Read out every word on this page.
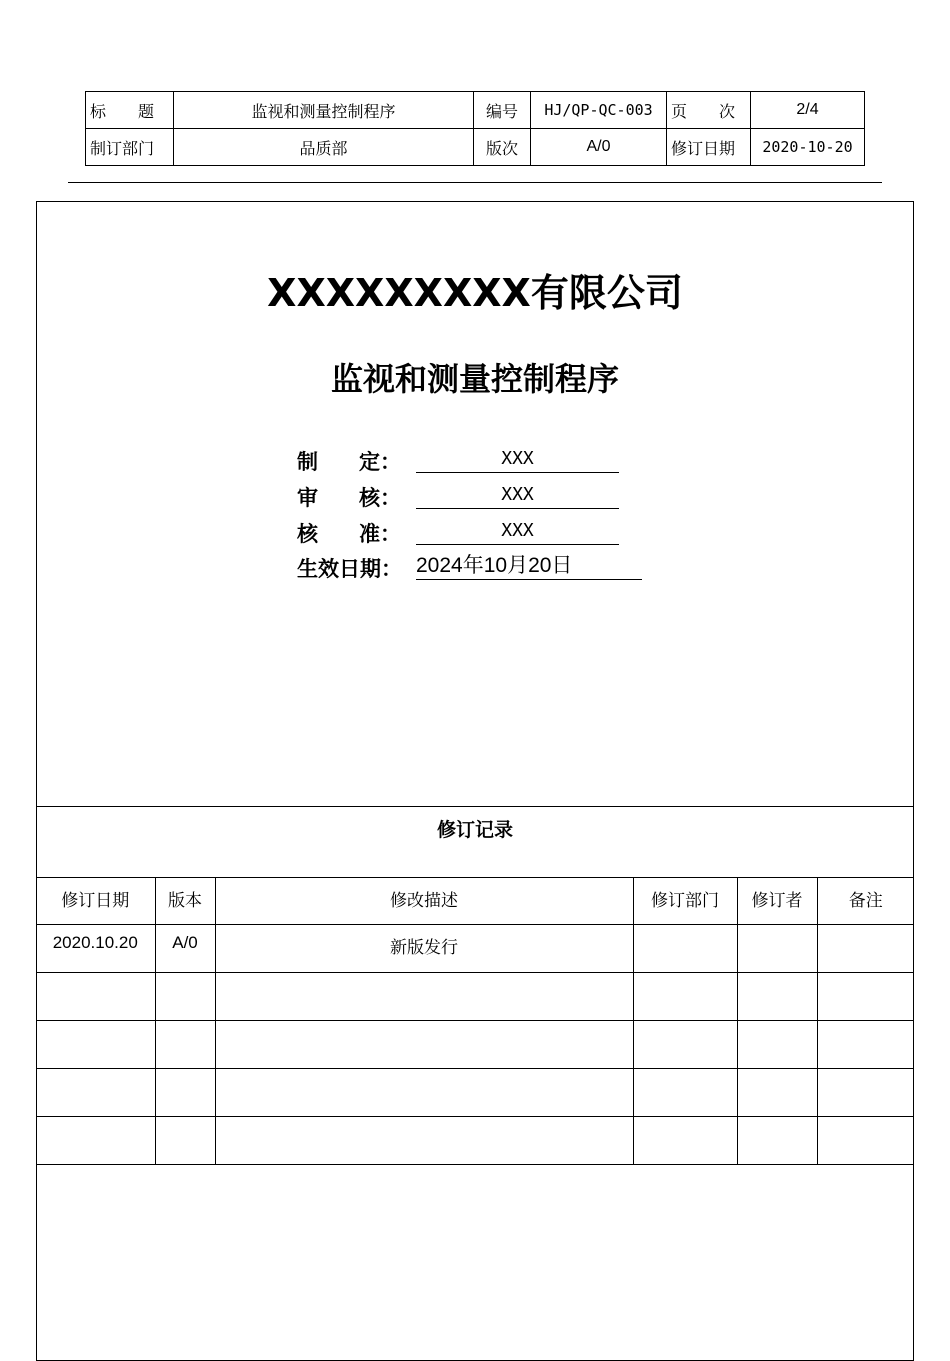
标　　题	监视和测量控制程序	编号	HJ/QP-QC-003	页　　次	2/4
制订部门	品质部	版次	A/0	修订日期	2020-10-20
XXXXXXXXX有限公司
监视和测量控制程序
制 定：	XXX
审 核：	XXX
核 准：	XXX
生效日期： 2024年10月20日
修订记录					
修订日期	版本	修改描述	修订部门	修订者	备注
2020.10.20	A/0	新版发行			
